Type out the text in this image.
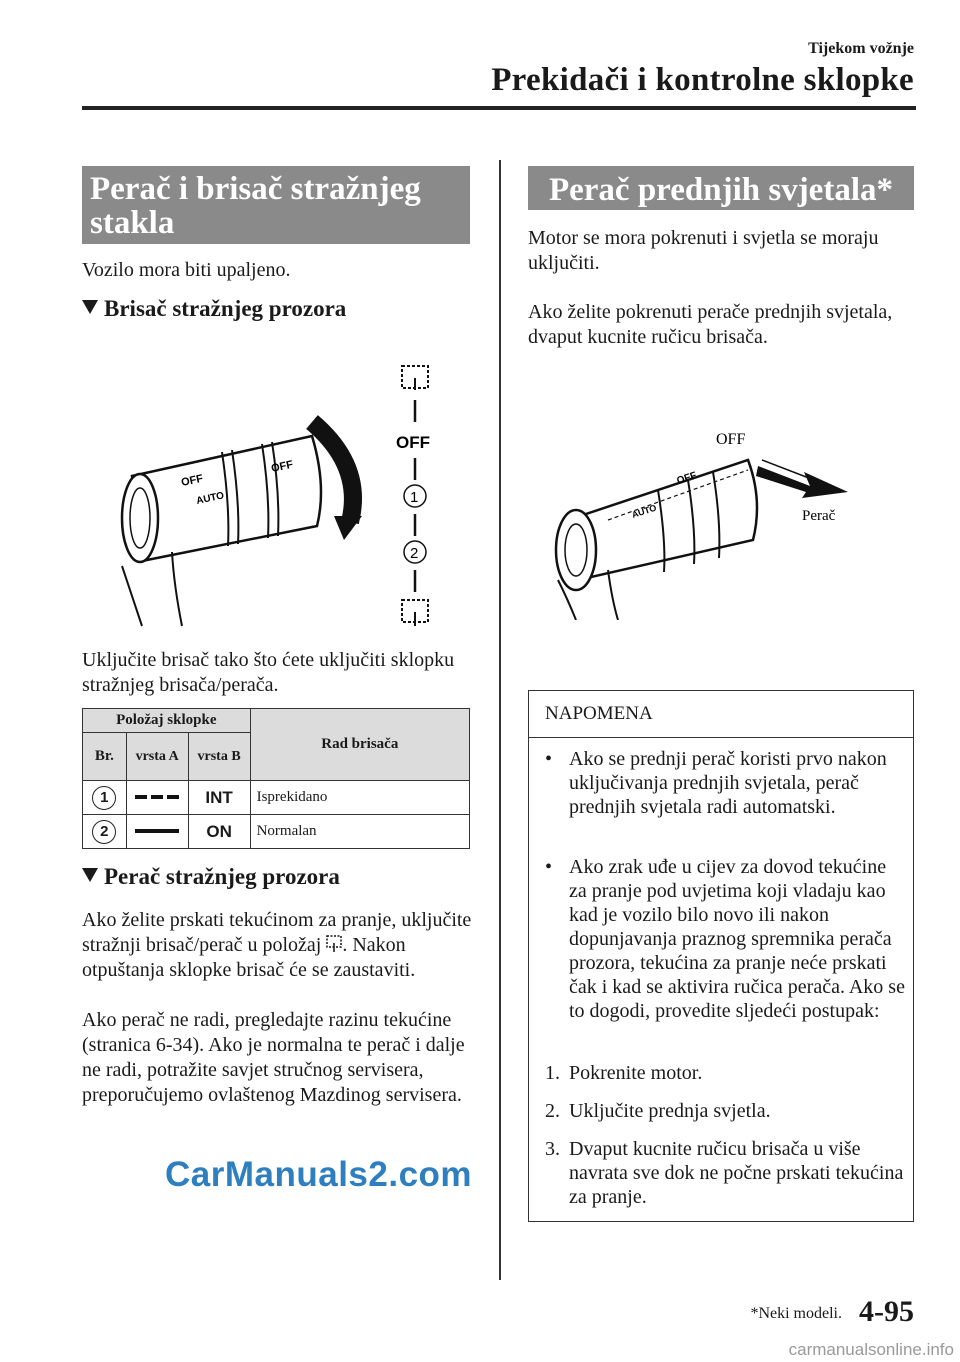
Tijekom vožnje
Prekidači i kontrolne sklopke
Perač i brisač stražnjeg stakla
Vozilo mora biti upaljeno.
Brisač stražnjeg prozora
OFF
AUTO
OFF
OFF
1
2
Uključite brisač tako što ćete uključiti sklopku stražnjeg brisača/perača.
Položaj sklopke			Rad brisača
Br.	vrsta A	vrsta B	
1		INT	Isprekidano
2		ON	Normalan
Perač stražnjeg prozora
Ako želite prskati tekućinom za pranje, uključite stražnji brisač/perač u položaj . Nakon otpuštanja sklopke brisač će se zaustaviti.
Ako perač ne radi, pregledajte razinu tekućine (stranica 6-34). Ako je normalna te perač i dalje ne radi, potražite savjet stručnog servisera, preporučujemo ovlaštenog Mazdinog servisera.
Perač prednjih svjetala*
Motor se mora pokrenuti i svjetla se moraju uključiti.
Ako želite pokrenuti perače prednjih svjetala, dvaput kucnite ručicu brisača.
OFF
AUTO
OFF
Perač
NAPOMENA
• Ako se prednji perač koristi prvo nakon uključivanja prednjih svjetala, perač prednjih svjetala radi automatski.
• Ako zrak uđe u cijev za dovod tekućine za pranje pod uvjetima koji vladaju kao kad je vozilo bilo novo ili nakon dopunjavanja praznog spremnika perača prozora, tekućina za pranje neće prskati čak i kad se aktivira ručica perača. Ako se to dogodi, provedite sljedeći postupak:
1. Pokrenite motor.
2. Uključite prednja svjetla.
3. Dvaput kucnite ručicu brisača u više navrata sve dok ne počne prskati tekućina za pranje.
CarManuals2.com
*Neki modeli. 4-95
carmanualsonline.info
